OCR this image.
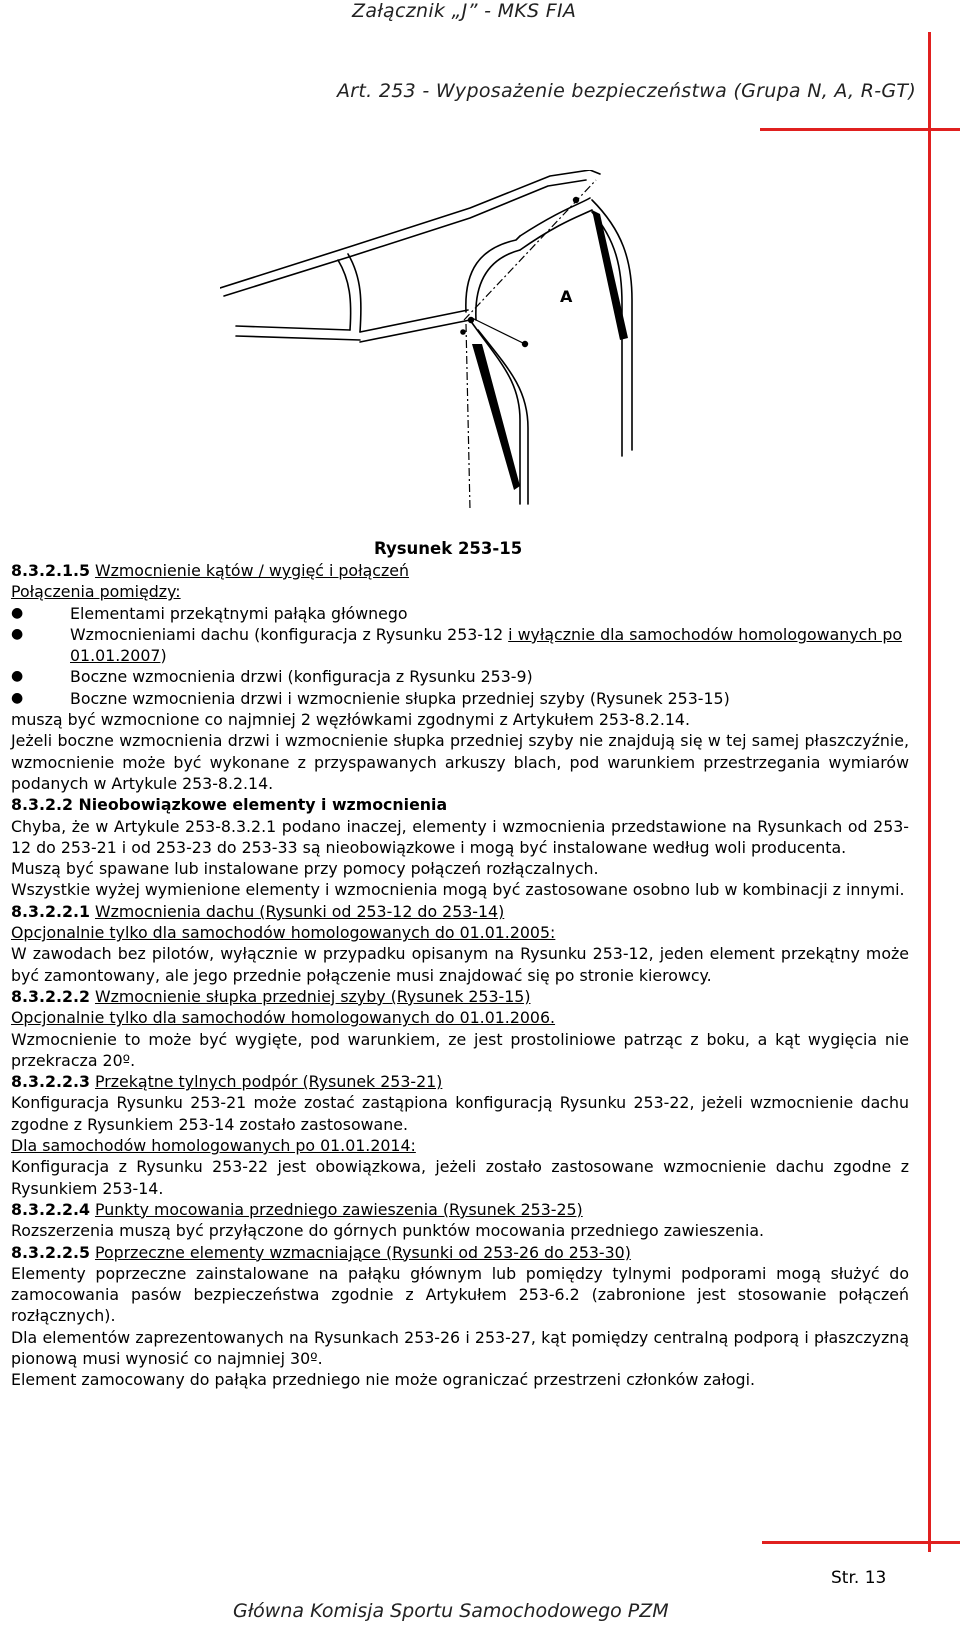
Załącznik „J” - MKS FIA
Art. 253 - Wyposażenie bezpieczeństwa (Grupa N, A, R-GT)
A
Rysunek 253-15

8.3.2.1.5 Wzmocnienie kątów / wygięć i połączeń

Połączenia pomiędzy:

●	Elementami przekątnymi pałąka głównego
●	Wzmocnieniami dachu (konfiguracja z Rysunku 253-12 i wyłącznie dla samochodów homologowanych po 01.01.2007)
●	Boczne wzmocnienia drzwi (konfiguracja z Rysunku 253-9)
●	Boczne wzmocnienia drzwi i wzmocnienie słupka przedniej szyby (Rysunek 253-15)

muszą być wzmocnione co najmniej 2 węzłówkami zgodnymi z Artykułem 253-8.2.14.

Jeżeli boczne wzmocnienia drzwi i wzmocnienie słupka przedniej szyby nie znajdują się w tej samej płaszczyźnie, wzmocnienie może być wykonane z przyspawanych arkuszy blach, pod warunkiem przestrzegania wymiarów podanych w Artykule 253-8.2.14.

8.3.2.2 Nieobowiązkowe elementy i wzmocnienia

Chyba, że w Artykule 253-8.3.2.1 podano inaczej, elementy i wzmocnienia przedstawione na Rysunkach od 253-12 do 253-21 i od 253-23 do 253-33 są nieobowiązkowe i mogą być instalowane według woli producenta.

Muszą być spawane lub instalowane przy pomocy połączeń rozłączalnych.

Wszystkie wyżej wymienione elementy i wzmocnienia mogą być zastosowane osobno lub w kombinacji z innymi.

8.3.2.2.1 Wzmocnienia dachu (Rysunki od 253-12 do 253-14)

Opcjonalnie tylko dla samochodów homologowanych do 01.01.2005:

W zawodach bez pilotów, wyłącznie w przypadku opisanym na Rysunku 253-12, jeden element przekątny może być zamontowany, ale jego przednie połączenie musi znajdować się po stronie kierowcy.

8.3.2.2.2 Wzmocnienie słupka przedniej szyby (Rysunek 253-15)

Opcjonalnie tylko dla samochodów homologowanych do 01.01.2006.

Wzmocnienie to może być wygięte, pod warunkiem, ze jest prostoliniowe patrząc z boku, a kąt wygięcia nie przekracza 20º.

8.3.2.2.3 Przekątne tylnych podpór (Rysunek 253-21)

Konfiguracja Rysunku 253-21 może zostać zastąpiona konfiguracją Rysunku 253-22, jeżeli wzmocnienie dachu zgodne z Rysunkiem 253-14 zostało zastosowane.

Dla samochodów homologowanych po 01.01.2014:

Konfiguracja z Rysunku 253-22 jest obowiązkowa, jeżeli zostało zastosowane wzmocnienie dachu zgodne z Rysunkiem 253-14.

8.3.2.2.4 Punkty mocowania przedniego zawieszenia (Rysunek 253-25)

Rozszerzenia muszą być przyłączone do górnych punktów mocowania przedniego zawieszenia.

8.3.2.2.5 Poprzeczne elementy wzmacniające (Rysunki od 253-26 do 253-30)

Elementy poprzeczne zainstalowane na pałąku głównym lub pomiędzy tylnymi podporami mogą służyć do zamocowania pasów bezpieczeństwa zgodnie z Artykułem 253-6.2 (zabronione jest stosowanie połączeń rozłącznych).

Dla elementów zaprezentowanych na Rysunkach 253-26 i 253-27, kąt pomiędzy centralną podporą i płaszczyzną pionową musi wynosić co najmniej 30º.

Element zamocowany do pałąka przedniego nie może ograniczać przestrzeni członków załogi.

Str. 13
Główna Komisja Sportu Samochodowego PZM
